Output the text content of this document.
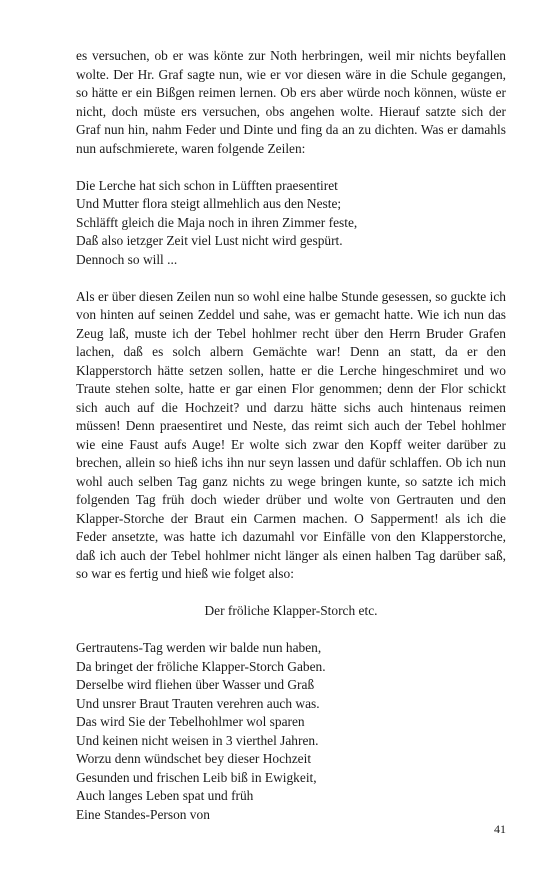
es versuchen, ob er was könte zur Noth herbringen, weil mir nichts beyfallen wolte. Der Hr. Graf sagte nun, wie er vor diesen wäre in die Schule gegangen, so hätte er ein Bißgen reimen lernen. Ob ers aber würde noch können, wüste er nicht, doch müste ers versuchen, obs angehen wolte. Hierauf satzte sich der Graf nun hin, nahm Feder und Dinte und fing da an zu dichten. Was er damahls nun aufschmierete, waren folgende Zeilen:

Die Lerche hat sich schon in Lüfften praesentiret
Und Mutter flora steigt allmehlich aus den Neste;
Schläfft gleich die Maja noch in ihren Zimmer feste,
Daß also ietzger Zeit viel Lust nicht wird gespürt.
Dennoch so will ...

Als er über diesen Zeilen nun so wohl eine halbe Stunde gesessen, so guckte ich von hinten auf seinen Zeddel und sahe, was er gemacht hatte. Wie ich nun das Zeug laß, muste ich der Tebel hohlmer recht über den Herrn Bruder Grafen lachen, daß es solch albern Gemächte war! Denn an statt, da er den Klapperstorch hätte setzen sollen, hatte er die Lerche hingeschmiret und wo Traute stehen solte, hatte er gar einen Flor genommen; denn der Flor schickt sich auch auf die Hochzeit? und darzu hätte sichs auch hintenaus reimen müssen! Denn praesentiret und Neste, das reimt sich auch der Tebel hohlmer wie eine Faust aufs Auge! Er wolte sich zwar den Kopff weiter darüber zu brechen, allein so hieß ichs ihn nur seyn lassen und dafür schlaffen. Ob ich nun wohl auch selben Tag ganz nichts zu wege bringen kunte, so satzte ich mich folgenden Tag früh doch wieder drüber und wolte von Gertrauten und den Klapper-Storche der Braut ein Carmen machen. O Sapperment! als ich die Feder ansetzte, was hatte ich dazumahl vor Einfälle von den Klapperstorche, daß ich auch der Tebel hohlmer nicht länger als einen halben Tag darüber saß, so war es fertig und hieß wie folget also:

Der fröliche Klapper-Storch etc.

Gertrautens-Tag werden wir balde nun haben,
Da bringet der fröliche Klapper-Storch Gaben.
Derselbe wird fliehen über Wasser und Graß
Und unsrer Braut Trauten verehren auch was.
Das wird Sie der Tebelhohlmer wol sparen
Und keinen nicht weisen in 3 vierthel Jahren.
Worzu denn wündschet bey dieser Hochzeit
Gesunden und frischen Leib biß in Ewigkeit,
Auch langes Leben spat und früh
Eine Standes-Person von
41
